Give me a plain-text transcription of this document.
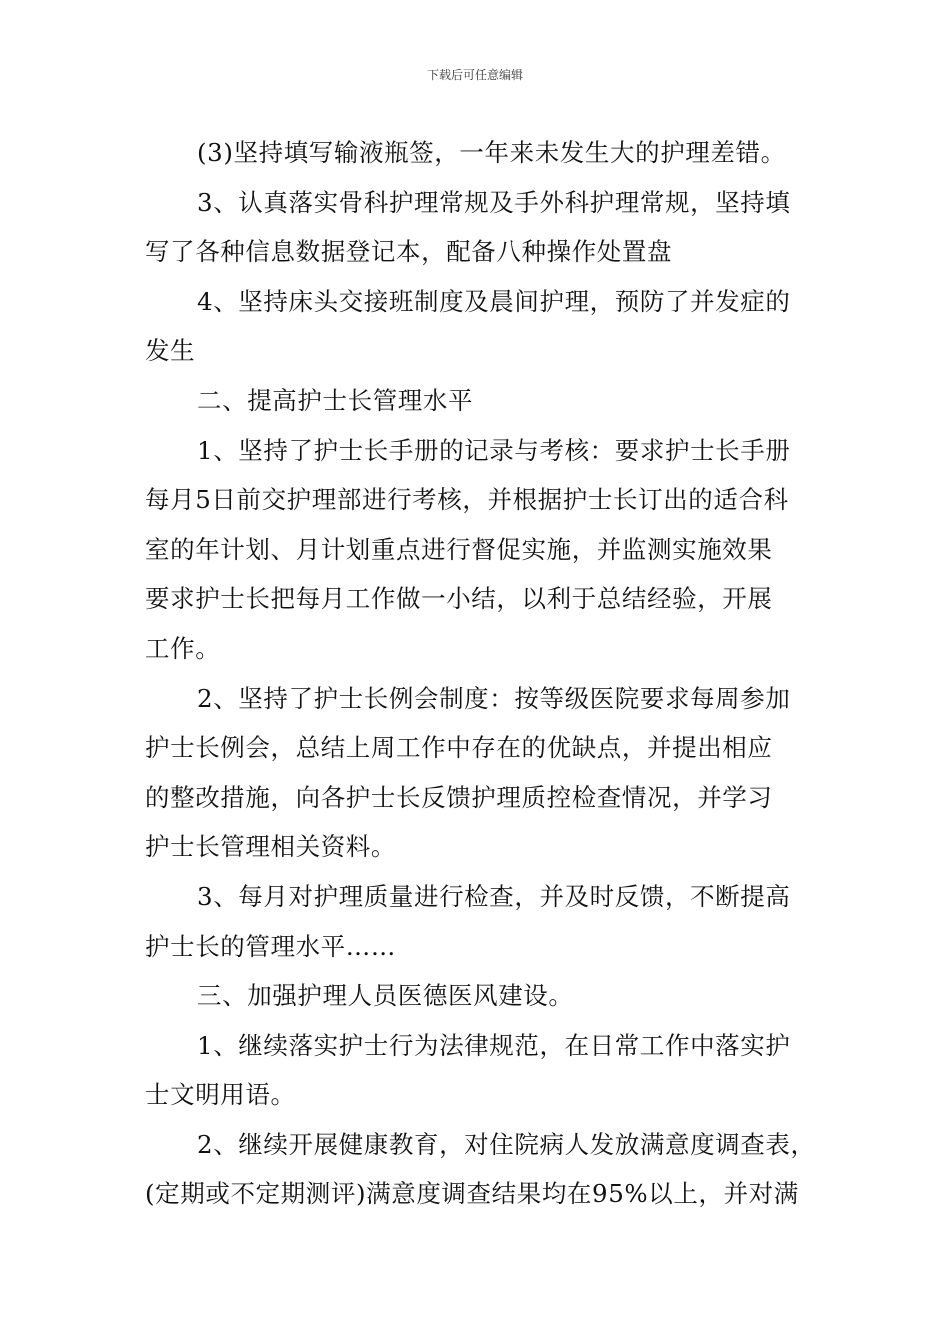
下载后可任意编辑
(3)坚持填写输液瓶签，一年来未发生大的护理差错。
3、认真落实骨科护理常规及手外科护理常规，坚持填
写了各种信息数据登记本，配备八种操作处置盘
4、坚持床头交接班制度及晨间护理，预防了并发症的
发生
二、提高护士长管理水平
1、坚持了护士长手册的记录与考核：要求护士长手册
每月5日前交护理部进行考核，并根据护士长订出的适合科
室的年计划、月计划重点进行督促实施，并监测实施效果
要求护士长把每月工作做一小结，以利于总结经验，开展
工作。
2、坚持了护士长例会制度：按等级医院要求每周参加
护士长例会，总结上周工作中存在的优缺点，并提出相应
的整改措施，向各护士长反馈护理质控检查情况，并学习
护士长管理相关资料。
3、每月对护理质量进行检查，并及时反馈，不断提高
护士长的管理水平……
三、加强护理人员医德医风建设。
1、继续落实护士行为法律规范，在日常工作中落实护
士文明用语。
2、继续开展健康教育，对住院病人发放满意度调查表，
(定期或不定期测评)满意度调查结果均在95%以上，并对满
